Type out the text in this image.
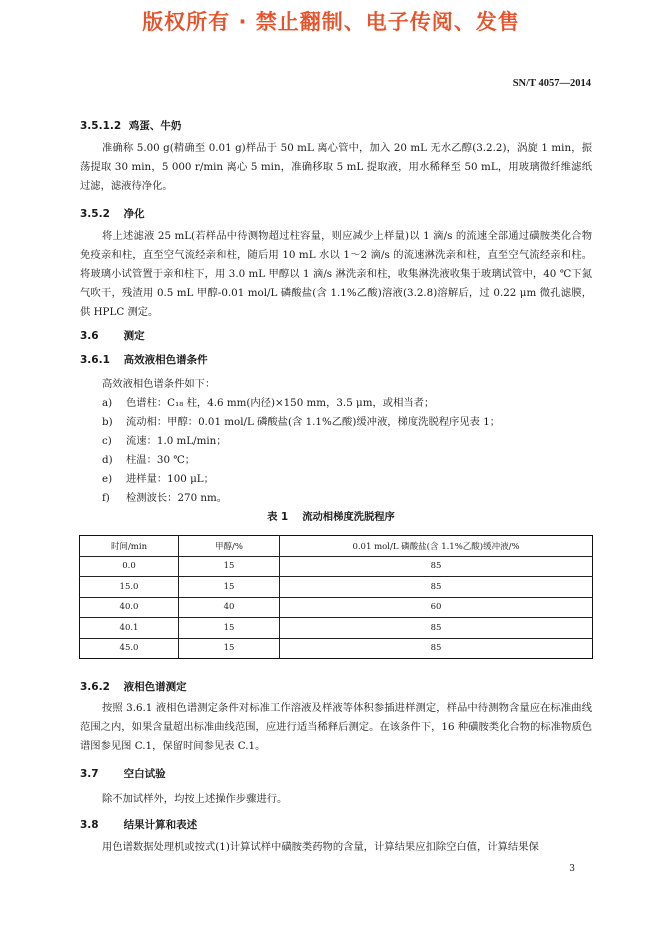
版权所有 · 禁止翻制、电子传阅、发售
SN/T 4057—2014
3.5.1.2 鸡蛋、牛奶

准确称 5.00 g(精确至 0.01 g)样品于 50 mL 离心管中，加入 20 mL 无水乙醇(3.2.2)，涡旋 1 min，振荡提取 30 min，5 000 r/min 离心 5 min，准确移取 5 mL 提取液，用水稀释至 50 mL，用玻璃微纤维滤纸过滤，滤液待净化。

3.5.2 净化

将上述滤液 25 mL(若样品中待测物超过柱容量，则应减少上样量)以 1 滴/s 的流速全部通过磺胺类化合物免疫亲和柱，直至空气流经亲和柱，随后用 10 mL 水以 1～2 滴/s 的流速淋洗亲和柱，直至空气流经亲和柱。将玻璃小试管置于亲和柱下，用 3.0 mL 甲醇以 1 滴/s 淋洗亲和柱，收集淋洗液收集于玻璃试管中，40 ℃下氮气吹干，残渣用 0.5 mL 甲醇-0.01 mol/L 磷酸盐(含 1.1%乙酸)溶液(3.2.8)溶解后，过 0.22 μm 微孔滤膜，供 HPLC 测定。

3.6 测定
3.6.1 高效液相色谱条件

高效液相色谱条件如下：

a) 色谱柱：C₁₈ 柱，4.6 mm(内径)×150 mm，3.5 μm，或相当者；
b) 流动相：甲醇：0.01 mol/L 磷酸盐(含 1.1%乙酸)缓冲液，梯度洗脱程序见表 1；
c) 流速：1.0 mL/min；
d) 柱温：30 ℃；
e) 进样量：100 μL；
f) 检测波长：270 nm。
表 1 流动相梯度洗脱程序
时间/min	甲醇/%	0.01 mol/L 磷酸盐(含 1.1%乙酸)缓冲液/%
0.0	15	85
15.0	15	85
40.0	40	60
40.1	15	85
45.0	15	85
3.6.2 液相色谱测定

按照 3.6.1 液相色谱测定条件对标准工作溶液及样液等体积参插进样测定，样品中待测物含量应在标准曲线范围之内，如果含量超出标准曲线范围，应进行适当稀释后测定。在该条件下，16 种磺胺类化合物的标准物质色谱图参见图 C.1，保留时间参见表 C.1。

3.7 空白试验

除不加试样外，均按上述操作步骤进行。

3.8 结果计算和表述

用色谱数据处理机或按式(1)计算试样中磺胺类药物的含量，计算结果应扣除空白值，计算结果保

3
